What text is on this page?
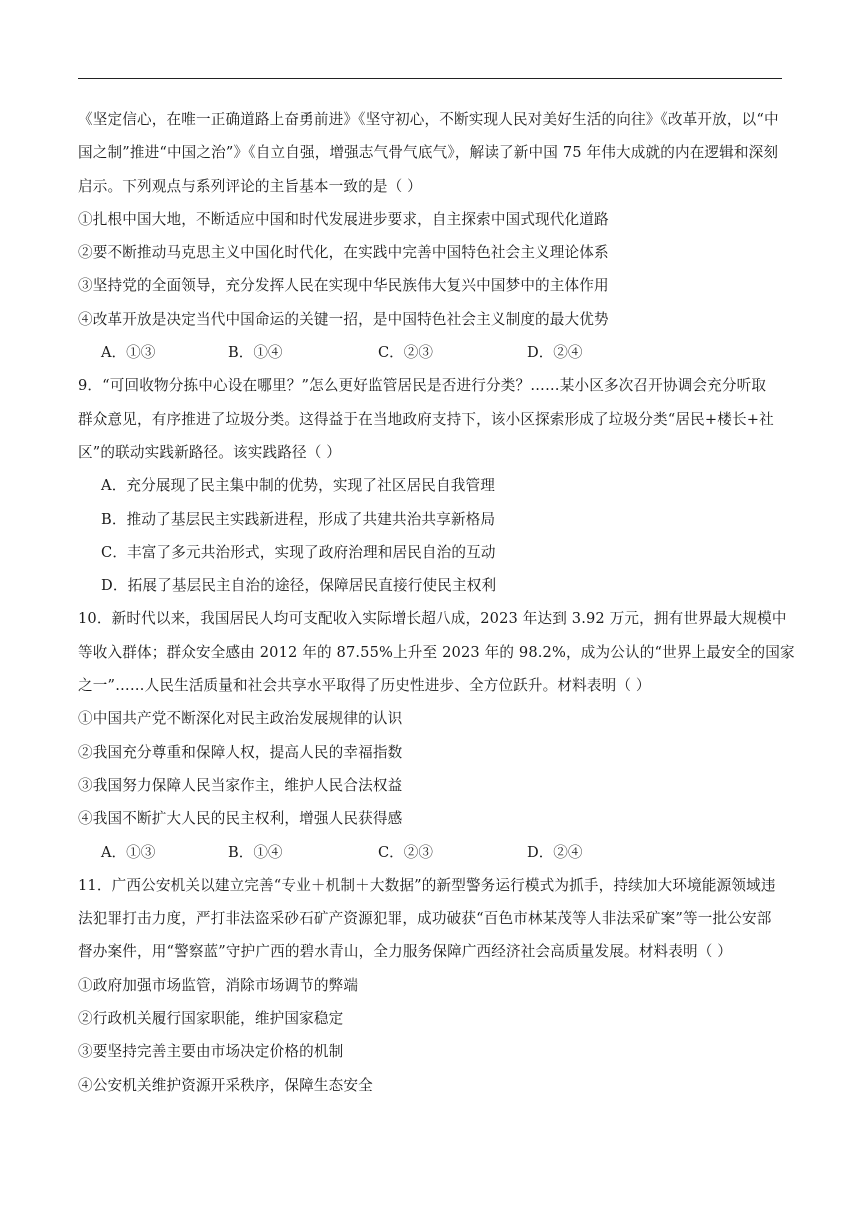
《坚定信心，在唯一正确道路上奋勇前进》《坚守初心，不断实现人民对美好生活的向往》《改革开放，以“中
国之制”推进“中国之治”》《自立自强，增强志气骨气底气》，解读了新中国 75 年伟大成就的内在逻辑和深刻
启示。下列观点与系列评论的主旨基本一致的是（ ）
①扎根中国大地，不断适应中国和时代发展进步要求，自主探索中国式现代化道路
②要不断推动马克思主义中国化时代化，在实践中完善中国特色社会主义理论体系
③坚持党的全面领导，充分发挥人民在实现中华民族伟大复兴中国梦中的主体作用
④改革开放是决定当代中国命运的关键一招，是中国特色社会主义制度的最大优势
A．①③	B．①④	C．②③	D．②④
9．“可回收物分拣中心设在哪里？”怎么更好监管居民是否进行分类？……某小区多次召开协调会充分听取
群众意见，有序推进了垃圾分类。这得益于在当地政府支持下，该小区探索形成了垃圾分类“居民+楼长+社
区”的联动实践新路径。该实践路径（ ）
A．充分展现了民主集中制的优势，实现了社区居民自我管理
B．推动了基层民主实践新进程，形成了共建共治共享新格局
C．丰富了多元共治形式，实现了政府治理和居民自治的互动
D．拓展了基层民主自治的途径，保障居民直接行使民主权利
10．新时代以来，我国居民人均可支配收入实际增长超八成，2023 年达到 3.92 万元，拥有世界最大规模中
等收入群体；群众安全感由 2012 年的 87.55%上升至 2023 年的 98.2%，成为公认的“世界上最安全的国家
之一”……人民生活质量和社会共享水平取得了历史性进步、全方位跃升。材料表明（ ）
①中国共产党不断深化对民主政治发展规律的认识
②我国充分尊重和保障人权，提高人民的幸福指数
③我国努力保障人民当家作主，维护人民合法权益
④我国不断扩大人民的民主权利，增强人民获得感
A．①③	B．①④	C．②③	D．②④
11．广西公安机关以建立完善“专业＋机制＋大数据”的新型警务运行模式为抓手，持续加大环境能源领域违
法犯罪打击力度，严打非法盗采砂石矿产资源犯罪，成功破获“百色市林某茂等人非法采矿案”等一批公安部
督办案件，用“警察蓝”守护广西的碧水青山，全力服务保障广西经济社会高质量发展。材料表明（ ）
①政府加强市场监管，消除市场调节的弊端
②行政机关履行国家职能，维护国家稳定
③要坚持完善主要由市场决定价格的机制
④公安机关维护资源开采秩序，保障生态安全
